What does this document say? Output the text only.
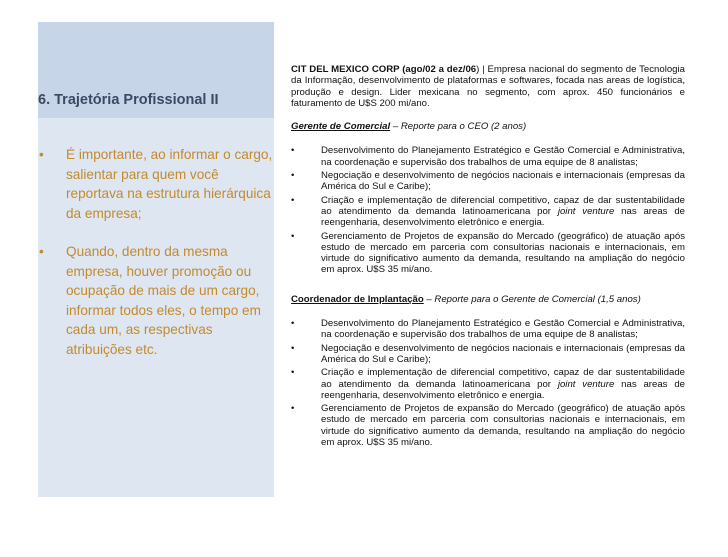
6. Trajetória Profissional II
• É importante, ao informar o cargo, salientar para quem você reportava na estrutura hierárquica da empresa;
• Quando, dentro da mesma empresa, houver promoção ou ocupação de mais de um cargo, informar todos eles, o tempo em cada um, as respectivas atribuições etc.

CIT DEL MEXICO CORP (ago/02 a dez/06) | Empresa nacional do segmento de Tecnologia da Informação, desenvolvimento de plataformas e softwares, focada nas areas de logística, produção e design. Lider mexicana no segmento, com aprox. 450 funcionários e faturamento de U$S 200 mi/ano.

Gerente de Comercial – Reporte para o CEO (2 anos)

•	Desenvolvimento do Planejamento Estratégico e Gestão Comercial e Administrativa, na coordenação e supervisão dos trabalhos de uma equipe de 8 analistas;
•	Negociação e desenvolvimento de negócios nacionais e internacionais (empresas da América do Sul e Caribe);
•	Criação e implementação de diferencial competitivo, capaz de dar sustentabilidade ao atendimento da demanda latinoamericana por joint venture nas areas de reengenharia, desenvolvimento eletrônico e energia.
•	Gerenciamento de Projetos de expansão do Mercado (geográfico) de atuação após estudo de mercado em parceria com consultorias nacionais e internacionais, em virtude do significativo aumento da demanda, resultando na ampliação do negócio em aprox. U$S 35 mi/ano.

Coordenador de Implantação – Reporte para o Gerente de Comercial (1,5 anos)

•	Desenvolvimento do Planejamento Estratégico e Gestão Comercial e Administrativa, na coordenação e supervisão dos trabalhos de uma equipe de 8 analistas;
•	Negociação e desenvolvimento de negócios nacionais e internacionais (empresas da América do Sul e Caribe);
•	Criação e implementação de diferencial competitivo, capaz de dar sustentabilidade ao atendimento da demanda latinoamericana por joint venture nas areas de reengenharia, desenvolvimento eletrônico e energia.
•	Gerenciamento de Projetos de expansão do Mercado (geográfico) de atuação após estudo de mercado em parceria com consultorias nacionais e internacionais, em virtude do significativo aumento da demanda, resultando na ampliação do negócio em aprox. U$S 35 mi/ano.
